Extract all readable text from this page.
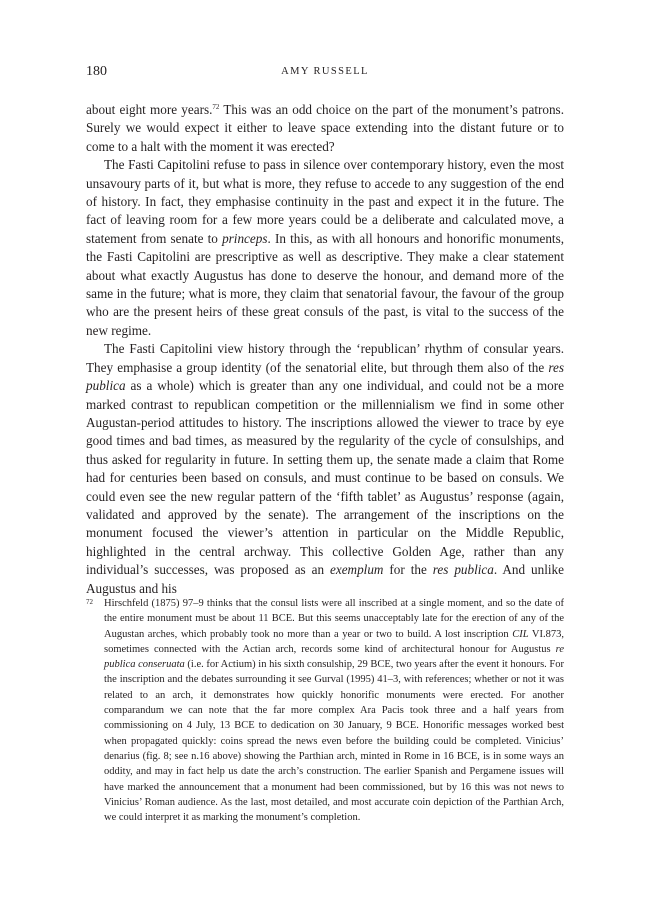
180	AMY RUSSELL

about eight more years.$^{72}$ This was an odd choice on the part of the monument’s patrons. Surely we would expect it either to leave space extending into the distant future or to come to a halt with the moment it was erected?

The Fasti Capitolini refuse to pass in silence over contemporary history, even the most unsavoury parts of it, but what is more, they refuse to accede to any suggestion of the end of history. In fact, they emphasise continuity in the past and expect it in the future. The fact of leaving room for a few more years could be a deliberate and calculated move, a statement from senate to princeps. In this, as with all honours and honorific monuments, the Fasti Capitolini are prescriptive as well as descriptive. They make a clear statement about what exactly Augustus has done to deserve the honour, and demand more of the same in the future; what is more, they claim that senatorial favour, the favour of the group who are the present heirs of these great consuls of the past, is vital to the success of the new regime.

The Fasti Capitolini view history through the ‘republican’ rhythm of consular years. They emphasise a group identity (of the senatorial elite, but through them also of the res publica as a whole) which is greater than any one individual, and could not be a more marked contrast to republican competition or the millennialism we find in some other Augustan-period attitudes to history. The inscriptions allowed the viewer to trace by eye good times and bad times, as measured by the regularity of the cycle of consulships, and thus asked for regularity in future. In setting them up, the senate made a claim that Rome had for centuries been based on consuls, and must continue to be based on consuls. We could even see the new regular pattern of the ‘fifth tablet’ as Augustus’ response (again, validated and approved by the senate). The arrangement of the inscriptions on the monument focused the viewer’s attention in particular on the Middle Republic, highlighted in the central archway. This collective Golden Age, rather than any individual’s successes, was proposed as an exemplum for the res publica. And unlike Augustus and his

72 Hirschfeld (1875) 97–9 thinks that the consul lists were all inscribed at a single moment, and so the date of the entire monument must be about 11 BCE. But this seems unacceptably late for the erection of any of the Augustan arches, which probably took no more than a year or two to build. A lost inscription CIL VI.873, sometimes connected with the Actian arch, records some kind of architectural honour for Augustus re publica conseruata (i.e. for Actium) in his sixth consulship, 29 BCE, two years after the event it honours. For the inscription and the debates surrounding it see Gurval (1995) 41–3, with references; whether or not it was related to an arch, it demonstrates how quickly honorific monuments were erected. For another comparandum we can note that the far more complex Ara Pacis took three and a half years from commissioning on 4 July, 13 BCE to dedication on 30 January, 9 BCE. Honorific messages worked best when propagated quickly: coins spread the news even before the building could be completed. Vinicius’ denarius (fig. 8; see n.16 above) showing the Parthian arch, minted in Rome in 16 BCE, is in some ways an oddity, and may in fact help us date the arch’s construction. The earlier Spanish and Pergamene issues will have marked the announcement that a monument had been commissioned, but by 16 this was not news to Vinicius’ Roman audience. As the last, most detailed, and most accurate coin depiction of the Parthian Arch, we could interpret it as marking the monument’s completion.
